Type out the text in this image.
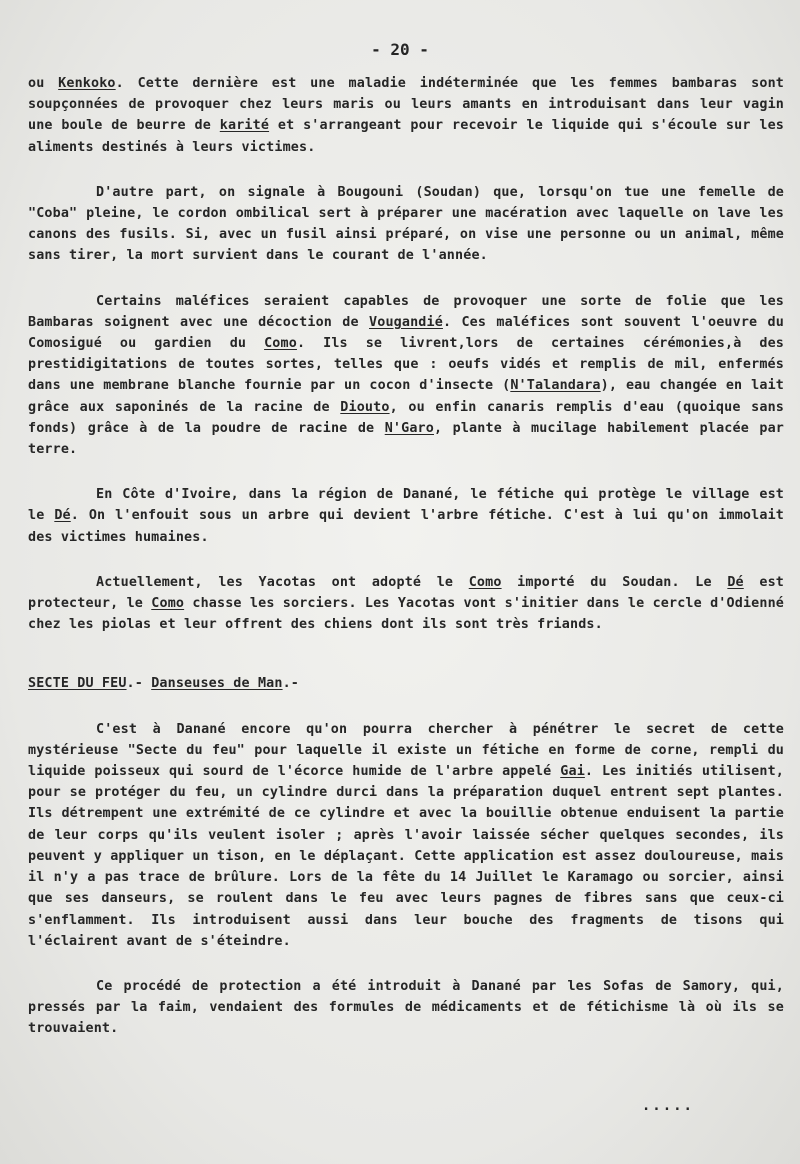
- 20 -

ou Kenkoko. Cette dernière est une maladie indéterminée que les femmes bambaras sont soupçonnées de provoquer chez leurs maris ou leurs amants en introduisant dans leur vagin une boule de beurre de karité et s'arrangeant pour recevoir le liquide qui s'écoule sur les aliments destinés à leurs victimes.

D'autre part, on signale à Bougouni (Soudan) que, lorsqu'on tue une femelle de "Coba" pleine, le cordon ombilical sert à préparer une macération avec laquelle on lave les canons des fusils. Si, avec un fusil ainsi préparé, on vise une personne ou un animal, même sans tirer, la mort survient dans le courant de l'année.

Certains maléfices seraient capables de provoquer une sorte de folie que les Bambaras soignent avec une décoction de Vougandié. Ces maléfices sont souvent l'oeuvre du Comosigué ou gardien du Como. Ils se livrent,lors de certaines cérémonies,à des prestidigitations de toutes sortes, telles que : oeufs vidés et remplis de mil, enfermés dans une membrane blanche fournie par un cocon d'insecte (N'Talandara), eau changée en lait grâce aux saponinés de la racine de Diouto, ou enfin canaris remplis d'eau (quoique sans fonds) grâce à de la poudre de racine de N'Garo, plante à mucilage habilement placée par terre.

En Côte d'Ivoire, dans la région de Danané, le fétiche qui protège le village est le Dé. On l'enfouit sous un arbre qui devient l'arbre fétiche. C'est à lui qu'on immolait des victimes humaines.

Actuellement, les Yacotas ont adopté le Como importé du Soudan. Le Dé est protecteur, le Como chasse les sorciers. Les Yacotas vont s'initier dans le cercle d'Odienné chez les piolas et leur offrent des chiens dont ils sont très friands.

SECTE DU FEU.- Danseuses de Man.-

C'est à Danané encore qu'on pourra chercher à pénétrer le secret de cette mystérieuse "Secte du feu" pour laquelle il existe un fétiche en forme de corne, rempli du liquide poisseux qui sourd de l'écorce humide de l'arbre appelé Gai. Les initiés utilisent, pour se protéger du feu, un cylindre durci dans la préparation duquel entrent sept plantes. Ils détrempent une extrémité de ce cylindre et avec la bouillie obtenue enduisent la partie de leur corps qu'ils veulent isoler ; après l'avoir laissée sécher quelques secondes, ils peuvent y appliquer un tison, en le déplaçant. Cette application est assez douloureuse, mais il n'y a pas trace de brûlure. Lors de la fête du 14 Juillet le Karamago ou sorcier, ainsi que ses danseurs, se roulent dans le feu avec leurs pagnes de fibres sans que ceux-ci s'enflamment. Ils introduisent aussi dans leur bouche des fragments de tisons qui l'éclairent avant de s'éteindre.

Ce procédé de protection a été introduit à Danané par les Sofas de Samory, qui, pressés par la faim, vendaient des formules de médicaments et de fétichisme là où ils se trouvaient.

.....
